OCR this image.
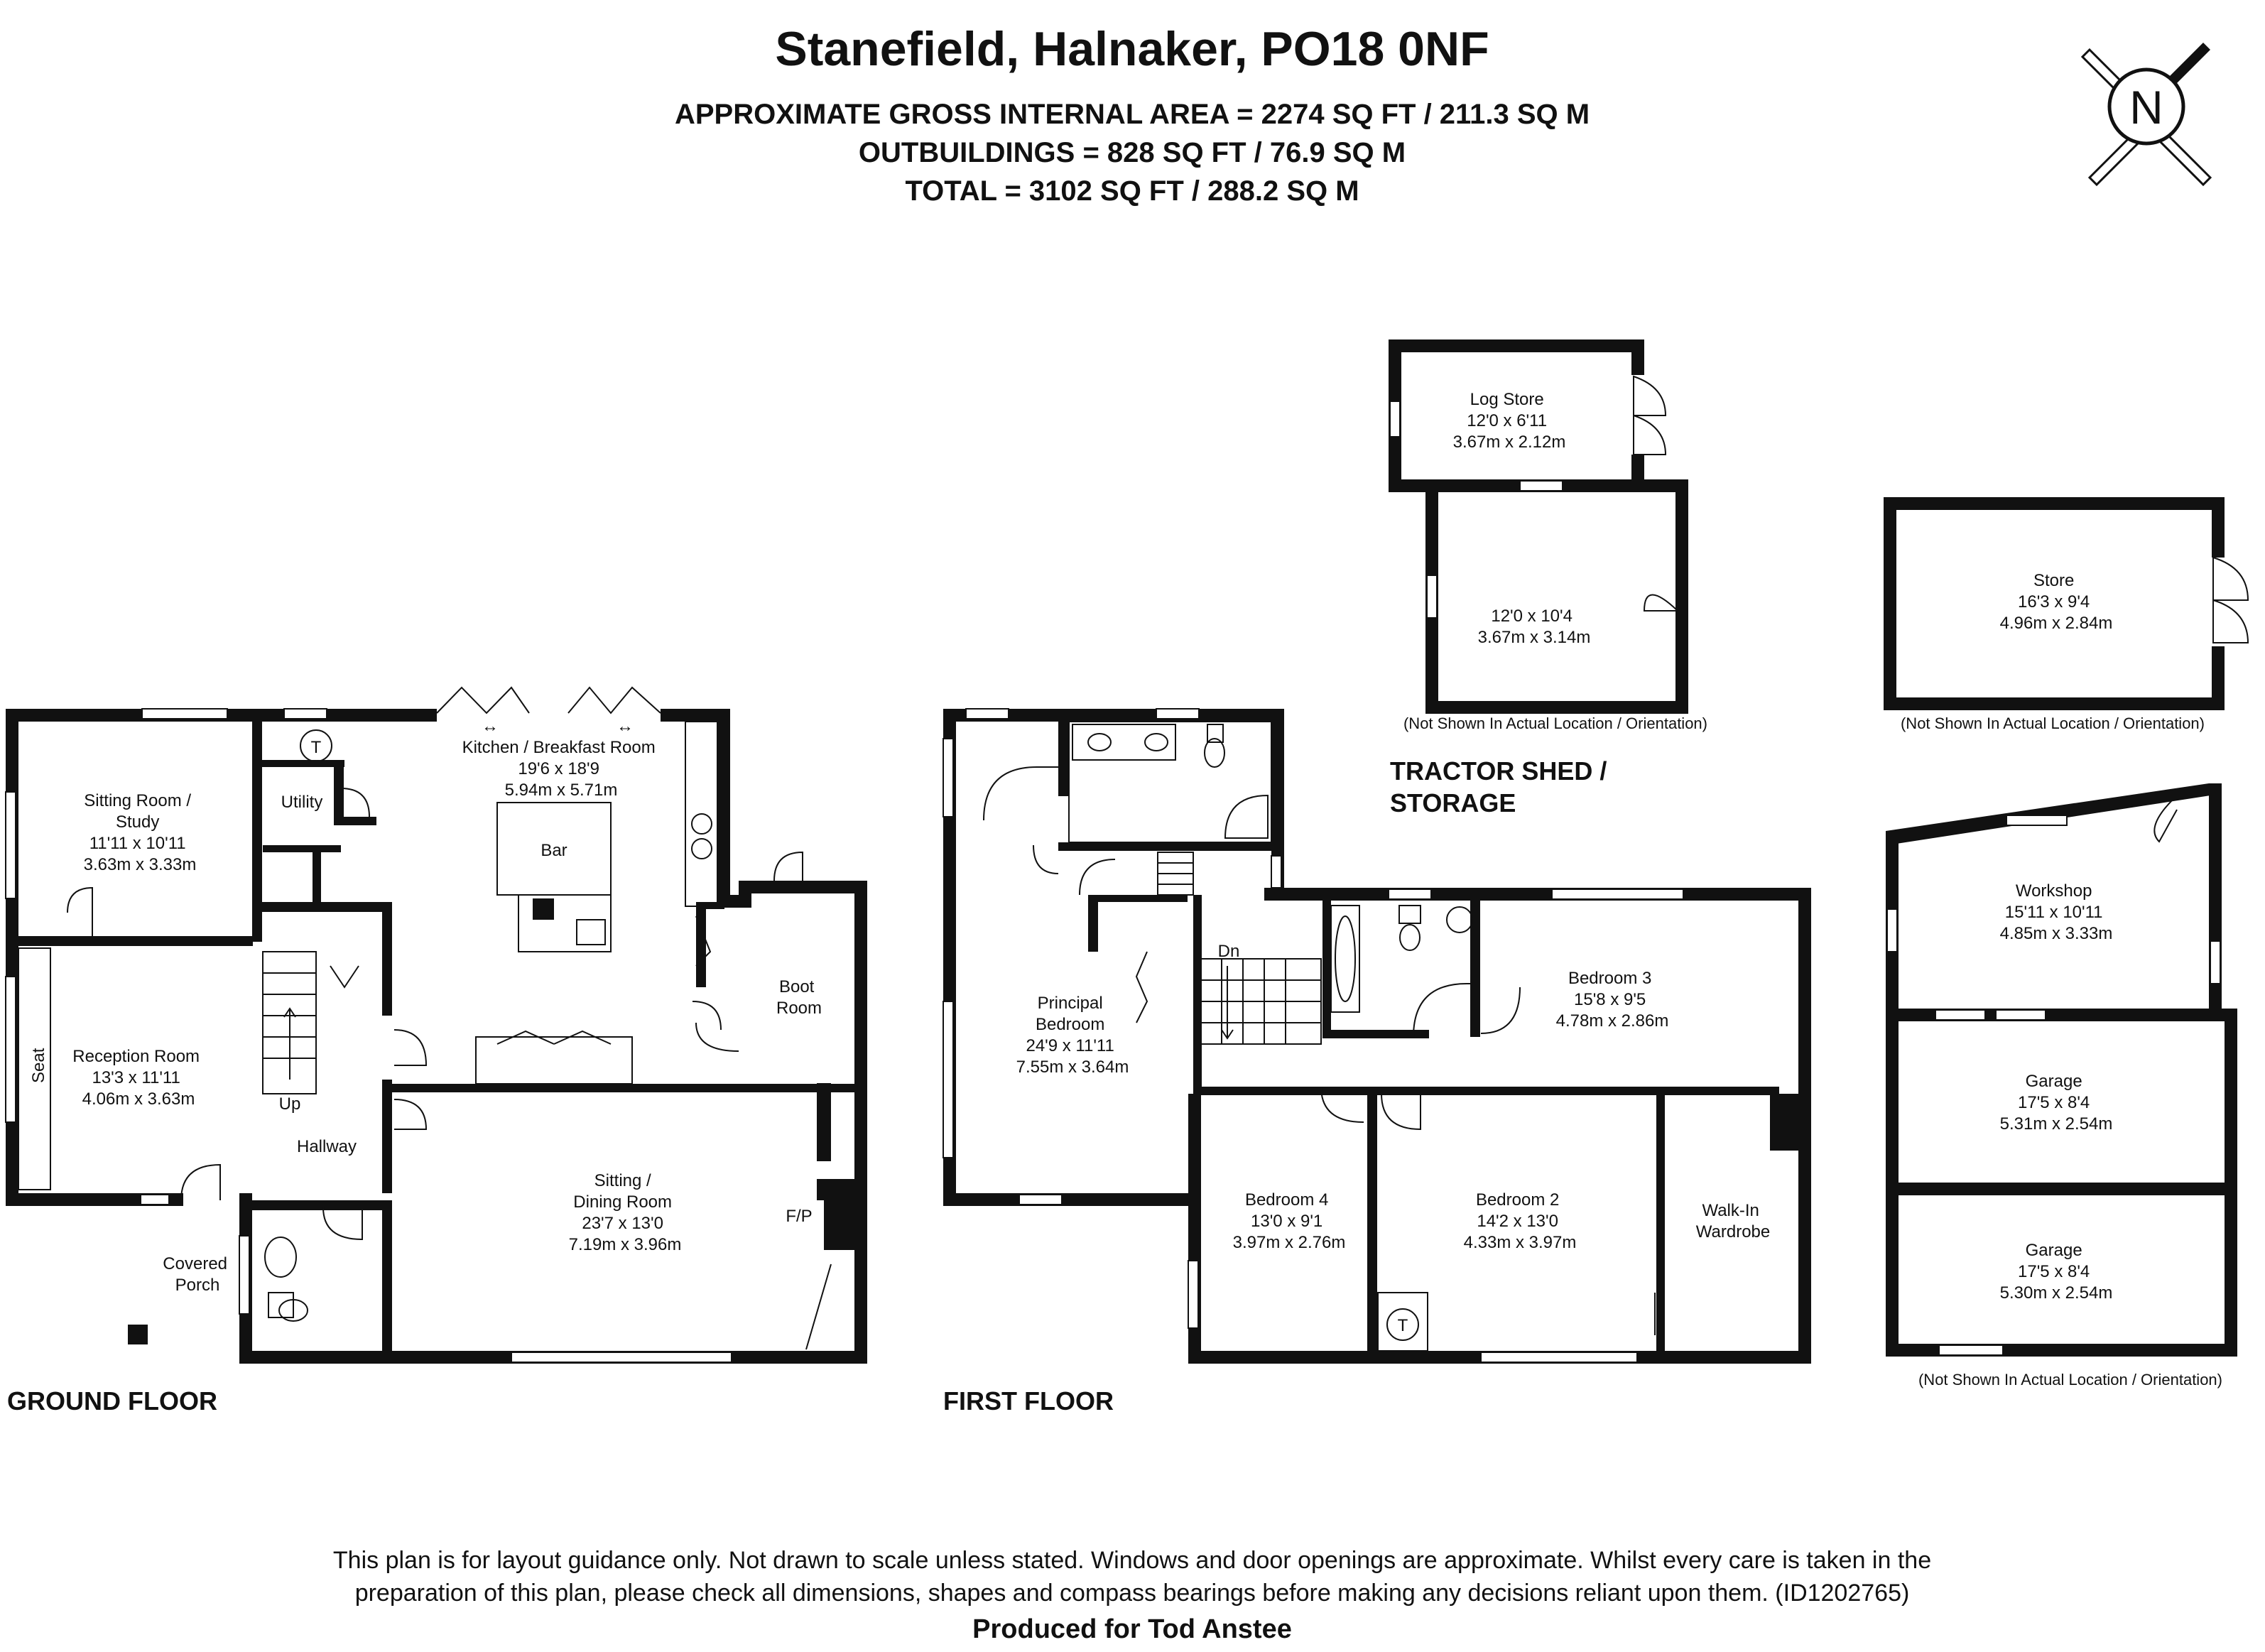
Stanefield, Halnaker, PO18 0NF
APPROXIMATE GROSS INTERNAL AREA = 2274 SQ FT / 211.3 SQ M
OUTBUILDINGS = 828 SQ FT / 76.9 SQ M
TOTAL = 3102 SQ FT / 288.2 SQ M
N
↔	↔
Sitting Room / Study 11'11 x 10'11 3.63m x 3.33m
Utility
T	Kitchen / Breakfast Room 19'6 x 18'9 5.94m x 5.71m
Bar
Boot Room
Reception Room 13'3 x 11'11 4.06m x 3.63m
Seat
Up
Hallway
Covered Porch
Sitting / Dining Room 23'7 x 13'0 7.19m x 3.96m
F/P
GROUND FLOOR
Principal Bedroom 24'9 x 11'11 7.55m x 3.64m
Dn
Bedroom 3 15'8 x 9'5 4.78m x 2.86m
Bedroom 4 13'0 x 9'1 3.97m x 2.76m
Bedroom 2 14'2 x 13'0 4.33m x 3.97m
Walk-In Wardrobe
T
FIRST FLOOR
Log Store 12'0 x 6'11 3.67m x 2.12m
12'0 x 10'4 3.67m x 3.14m
(Not Shown In Actual Location / Orientation)
TRACTOR SHED / STORAGE
Store 16'3 x 9'4 4.96m x 2.84m
(Not Shown In Actual Location / Orientation)
Workshop 15'11 x 10'11 4.85m x 3.33m
Garage 17'5 x 8'4 5.31m x 2.54m
Garage 17'5 x 8'4 5.30m x 2.54m
(Not Shown In Actual Location / Orientation)
This plan is for layout guidance only. Not drawn to scale unless stated. Windows and door openings are approximate. Whilst every care is taken in the
preparation of this plan, please check all dimensions, shapes and compass bearings before making any decisions reliant upon them. (ID1202765)
Produced for Tod Anstee
